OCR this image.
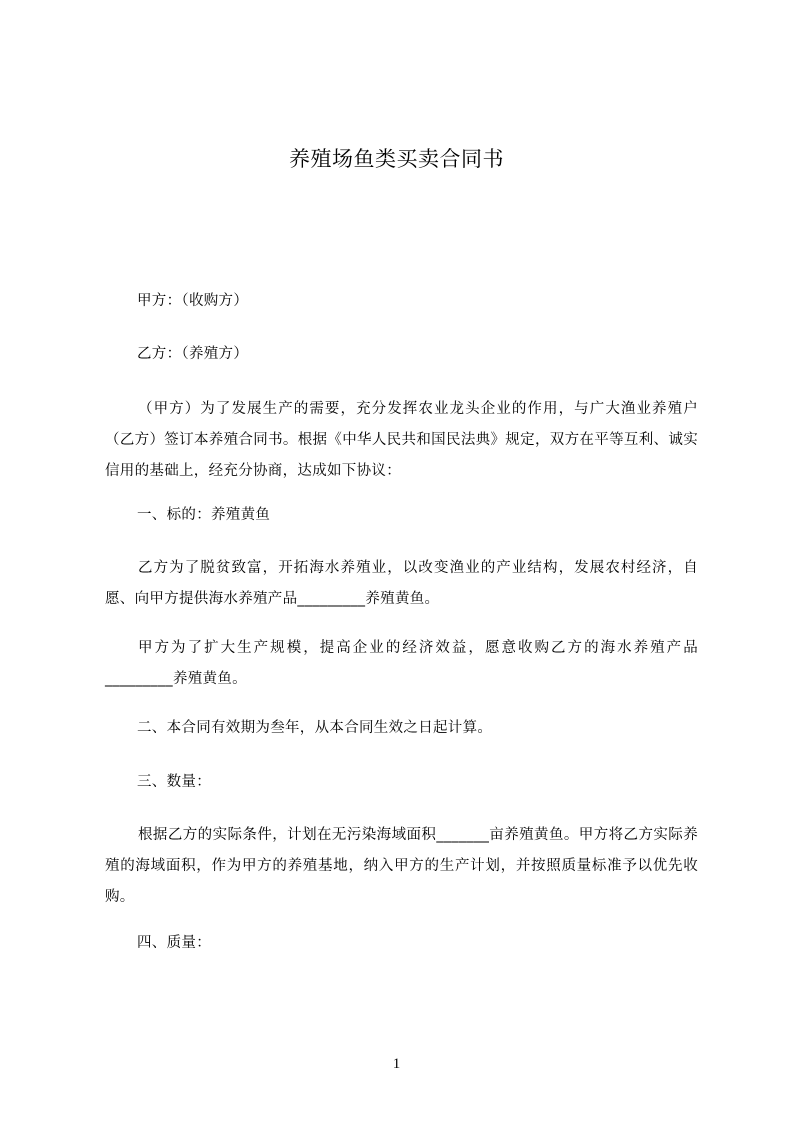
养殖场鱼类买卖合同书
甲方：（收购方）
乙方：（养殖方）
（甲方）为了发展生产的需要，充分发挥农业龙头企业的作用，与广大渔业养殖户（乙方）签订本养殖合同书。根据《中华人民共和国民法典》规定，双方在平等互利、诚实信用的基础上，经充分协商，达成如下协议：
一、标的：养殖黄鱼
乙方为了脱贫致富，开拓海水养殖业，以改变渔业的产业结构，发展农村经济，自愿、向甲方提供海水养殖产品_________养殖黄鱼。
甲方为了扩大生产规模，提高企业的经济效益，愿意收购乙方的海水养殖产品_________养殖黄鱼。
二、本合同有效期为叁年，从本合同生效之日起计算。
三、数量：
根据乙方的实际条件，计划在无污染海域面积_______亩养殖黄鱼。甲方将乙方实际养殖的海域面积，作为甲方的养殖基地，纳入甲方的生产计划，并按照质量标准予以优先收购。
四、质量：
1
